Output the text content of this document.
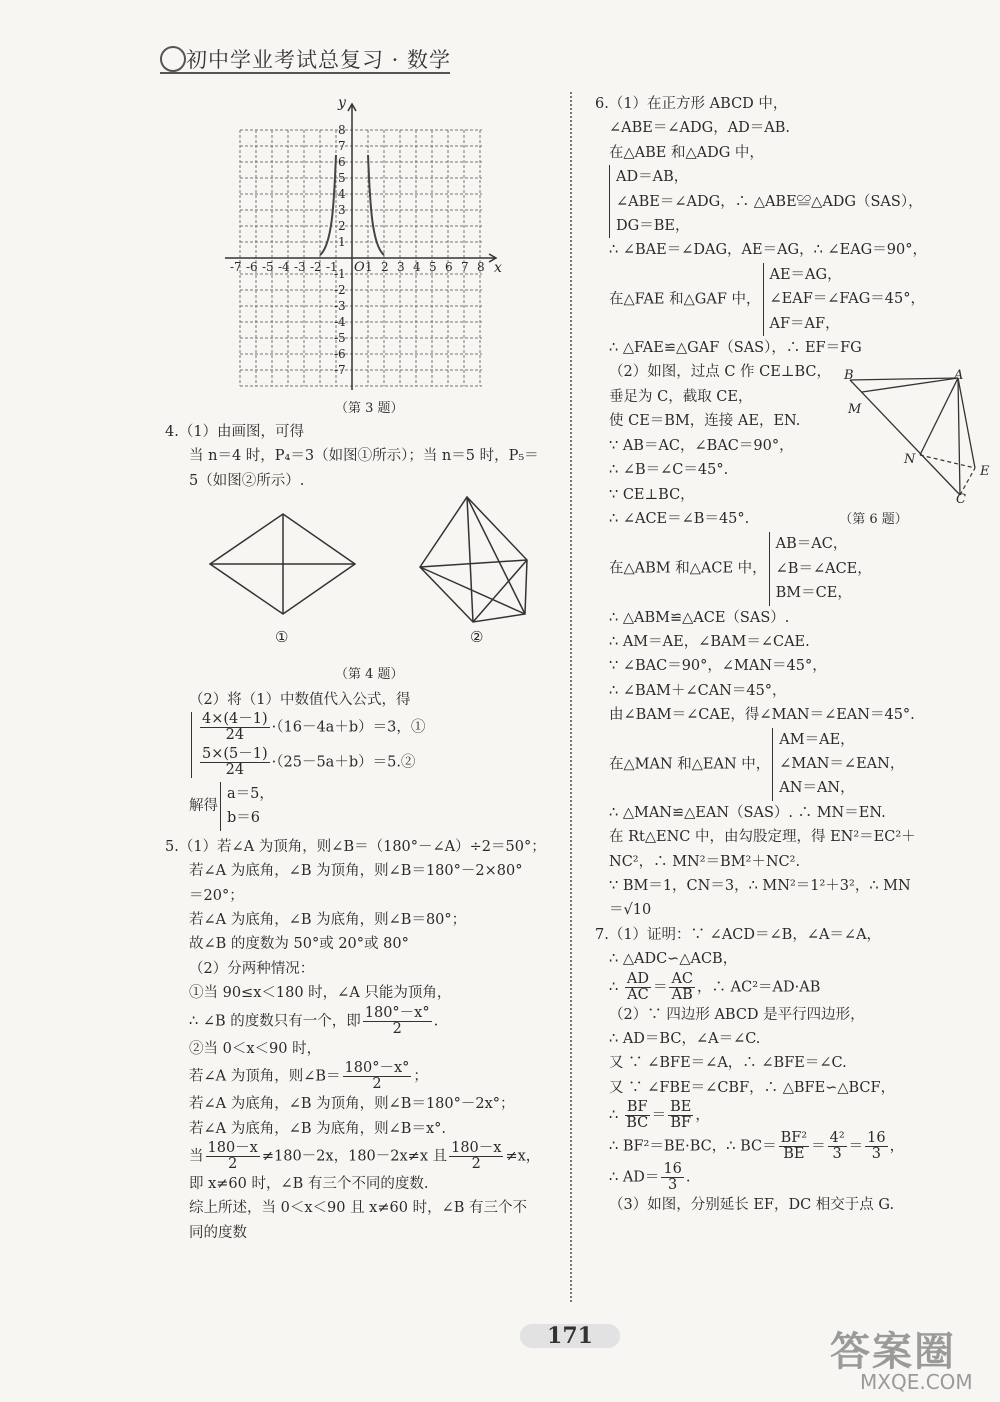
初中学业考试总复习 · 数学
y
x
O
-7 -6 -5 -4 -3 -2 -1 1 2 3 4 5 6 7 8
8
7
6
5
4
3
2
1
-1
-2
-3
-4
-5
-6
-7
（第 3 题）

4.（1）由画图，可得

当 n＝4 时，P₄＝3（如图①所示）；当 n＝5 时，P₅＝

5（如图②所示）.

（第 4 题）

（2）将（1）中数值代入公式，得

$\frac{4\times(4-1)}{24} \cdot(16-4a+b)=3$，①

$\frac{5\times(5-1)}{24}$ ·（25－5a＋b）＝5.②

解得

a＝5，

b＝6

5.（1）若∠A 为顶角，则∠B＝（180°－∠A）÷2＝50°；

若∠A 为底角，∠B 为顶角，则∠B＝180°－2×80°

＝20°；

若∠A 为底角，∠B 为底角，则∠B＝80°；

故∠B 的度数为 50°或 20°或 80°

（2）分两种情况：

①当 90≤x＜180 时，∠A 只能为顶角，

∴ ∠B 的度数只有一个，即 $\frac{180^\circ-x^\circ}{2}$ .

②当 0＜x＜90 时，

若∠A 为顶角，则∠B＝ $\frac{180^\circ-x^\circ}{2}$ ；

若∠A 为底角，∠B 为顶角，则∠B＝180°－2x°；

若∠A 为底角，∠B 为底角，则∠B＝x°.

当 $\frac{180-x}{2} \ne 180-2x$，180－2x≠x 且 $\frac{180-x}{2} \ne x$，

即 x≠60 时，∠B 有三个不同的度数.

综上所述，当 0＜x＜90 且 x≠60 时，∠B 有三个不

同的度数

①	②

6.（1）在正方形 ABCD 中，

∠ABE＝∠ADG，AD＝AB.

在△ABE 和△ADG 中，

AD＝AB，

∠ABE＝∠ADG，∴ △ABE≌△ADG（SAS），

DG＝BE，

∴ ∠BAE＝∠DAG，AE＝AG，∴ ∠EAG＝90°，

在△FAE 和△GAF 中，

AE＝AG，

∠EAF＝∠FAG＝45°，

AF＝AF，

∴ △FAE≌△GAF（SAS），∴ EF＝FG

（2）如图，过点 C 作 CE⊥BC，

垂足为 C，截取 CE，

使 CE＝BM，连接 AE，EN.

∵ AB＝AC，∠BAC＝90°，

∴ ∠B＝∠C＝45°.

∵ CE⊥BC，

∴ ∠ACE＝∠B＝45°.	（第 6 题）

在△ABM 和△ACE 中，

AB＝AC，

∠B＝∠ACE，

BM＝CE，

∴ △ABM≌△ACE（SAS）.

∴ AM＝AE，∠BAM＝∠CAE.

∵ ∠BAC＝90°，∠MAN＝45°，

∴ ∠BAM＋∠CAN＝45°，

由∠BAM＝∠CAE，得∠MAN＝∠EAN＝45°.

在△MAN 和△EAN 中，

AM＝AE，

∠MAN＝∠EAN，

AN＝AN，

∴ △MAN≌△EAN（SAS）. ∴ MN＝EN.

在 Rt△ENC 中，由勾股定理，得 EN²＝EC²＋

NC²，∴ MN²＝BM²＋NC².

∵ BM＝1，CN＝3，∴ MN²＝1²＋3²，∴ MN

＝√10

7.（1）证明：∵ ∠ACD＝∠B，∠A＝∠A，

∴ △ADC∽△ACB，

∴ $\frac{AD}{AC} = \frac{AC}{AB}$ ，∴ AC²＝AD·AB

（2）∵ 四边形 ABCD 是平行四边形，

∴ AD＝BC，∠A＝∠C.

又 ∵ ∠BFE＝∠A，∴ ∠BFE＝∠C.

又 ∵ ∠FBE＝∠CBF，∴ △BFE∽△BCF，

∴ $\frac{BF}{BC} = \frac{BE}{BF}$ ，

∴ BF²＝BE·BC，∴ $BC= \frac{\text{BF²}}{BE} = \frac{\text{4²}}{3} = \frac{16}{3}$ ，

∴ $AD= \frac{16}{3}$ .

（3）如图，分别延长 EF，DC 相交于点 G.

B	A
M
N
E
C
171	答案圈
MXQE.COM
